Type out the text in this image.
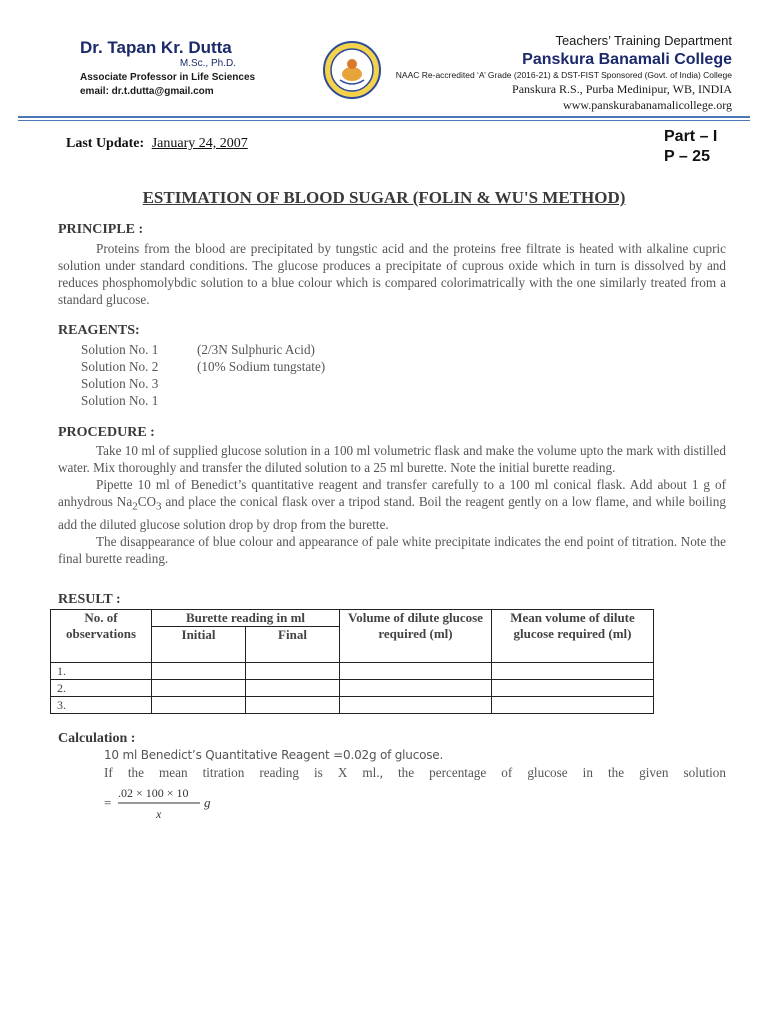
Dr. Tapan Kr. Dutta
M.Sc., Ph.D.
Associate Professor in Life Sciences
email: dr.t.dutta@gmail.com
Teachers’ Training Department
Panskura Banamali College
NAAC Re-accredited ‘A’ Grade (2016-21) & DST-FIST Sponsored (Govt. of India) College
Panskura R.S., Purba Medinipur, WB, INDIA
www.panskurabanamalicollege.org
Last Update: January 24, 2007	Part – I
P – 25
ESTIMATION OF BLOOD SUGAR (FOLIN & WU'S METHOD)
PRINCIPLE :

Proteins from the blood are precipitated by tungstic acid and the proteins free filtrate is heated with alkaline cupric solution under standard conditions. The glucose produces a precipitate of cuprous oxide which in turn is dissolved by and reduces phosphomolybdic solution to a blue colour which is compared colorimatrically with the one similarly treated from a standard glucose.

REAGENTS:
Solution No. 1	(2/3N Sulphuric Acid)
Solution No. 2	(10% Sodium tungstate)
Solution No. 3
Solution No. 1
PROCEDURE :

Take 10 ml of supplied glucose solution in a 100 ml volumetric flask and make the volume upto the mark with distilled water. Mix thoroughly and transfer the diluted solution to a 25 ml burette. Note the initial burette reading.

Pipette 10 ml of Benedict’s quantitative reagent and transfer carefully to a 100 ml conical flask. Add about 1 g of anhydrous $Na_2CO_3$ and place the conical flask over a tripod stand. Boil the reagent gently on a low flame, and while boiling add the diluted glucose solution drop by drop from the burette.

The disappearance of blue colour and appearance of pale white precipitate indicates the end point of titration. Note the final burette reading.

RESULT :
No. of observations	Burette reading in ml		Volume of dilute glucose required (ml)	Mean volume of dilute glucose required (ml)
	Initial	Final		
1.				
2.				
3.				
Calculation :
10 ml Benedict’s Quantitative Reagent =0.02g of glucose.
If the mean titration reading is X ml., the percentage of glucose in the given solution
=
.02 × 100 × 10
x
g
